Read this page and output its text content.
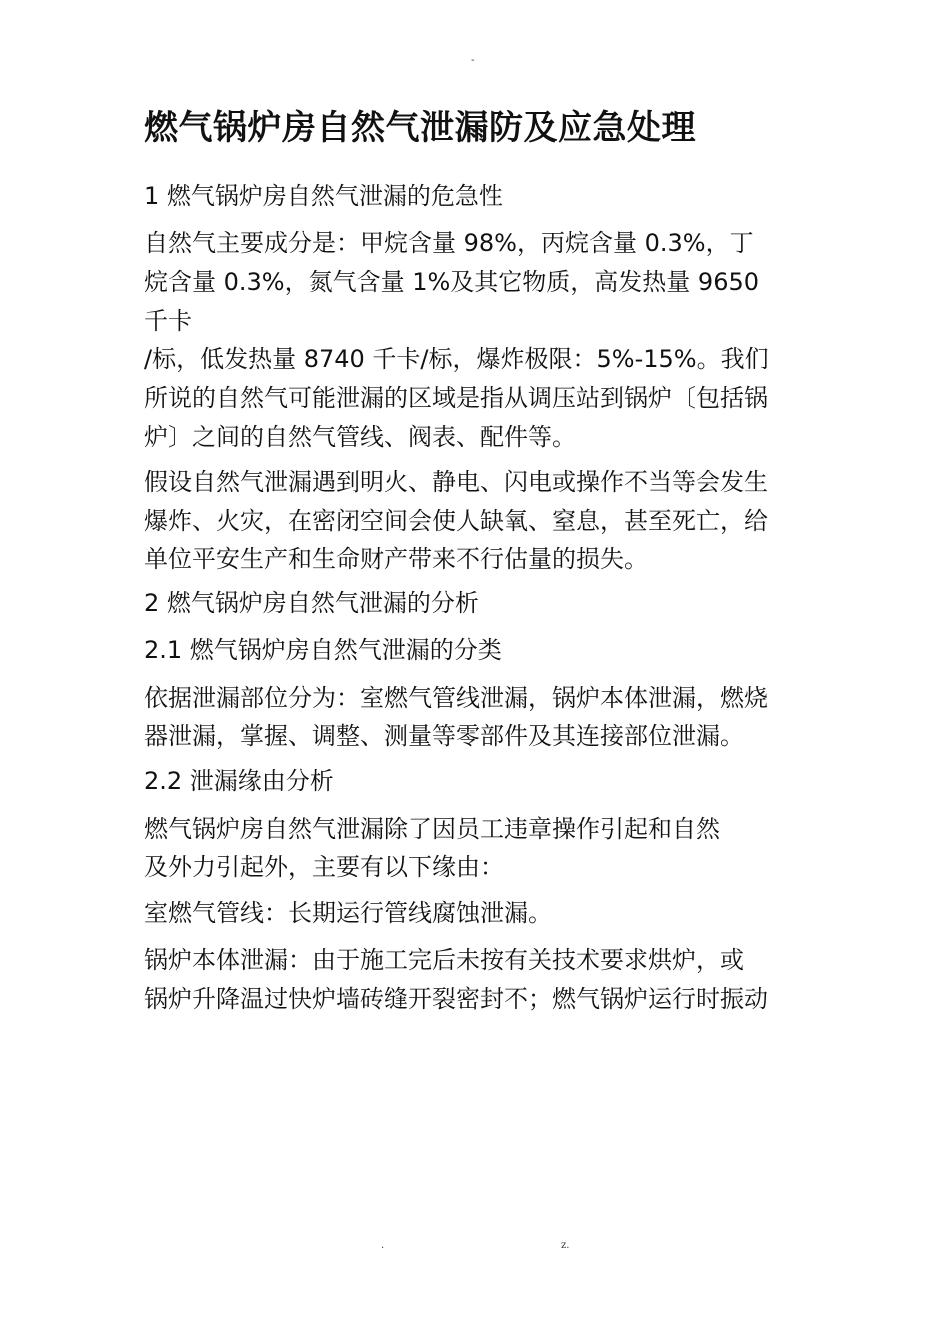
-
燃气锅炉房自然气泄漏防及应急处理
1 燃气锅炉房自然气泄漏的危急性
自然气主要成分是：甲烷含量 98%，丙烷含量 0.3%，丁
烷含量 0.3%，氮气含量 1%及其它物质，高发热量 9650
千卡
/标，低发热量 8740 千卡/标，爆炸极限：5%-15%。我们
所说的自然气可能泄漏的区域是指从调压站到锅炉〔包括锅
炉〕之间的自然气管线、阀表、配件等。
假设自然气泄漏遇到明火、静电、闪电或操作不当等会发生
爆炸、火灾，在密闭空间会使人缺氧、窒息，甚至死亡，给
单位平安生产和生命财产带来不行估量的损失。
2 燃气锅炉房自然气泄漏的分析
2.1 燃气锅炉房自然气泄漏的分类
依据泄漏部位分为：室燃气管线泄漏，锅炉本体泄漏，燃烧
器泄漏，掌握、调整、测量等零部件及其连接部位泄漏。
2.2 泄漏缘由分析
燃气锅炉房自然气泄漏除了因员工违章操作引起和自然
及外力引起外，主要有以下缘由：
室燃气管线：长期运行管线腐蚀泄漏。
锅炉本体泄漏：由于施工完后未按有关技术要求烘炉，或
锅炉升降温过快炉墙砖缝开裂密封不；燃气锅炉运行时振动
.	z.
